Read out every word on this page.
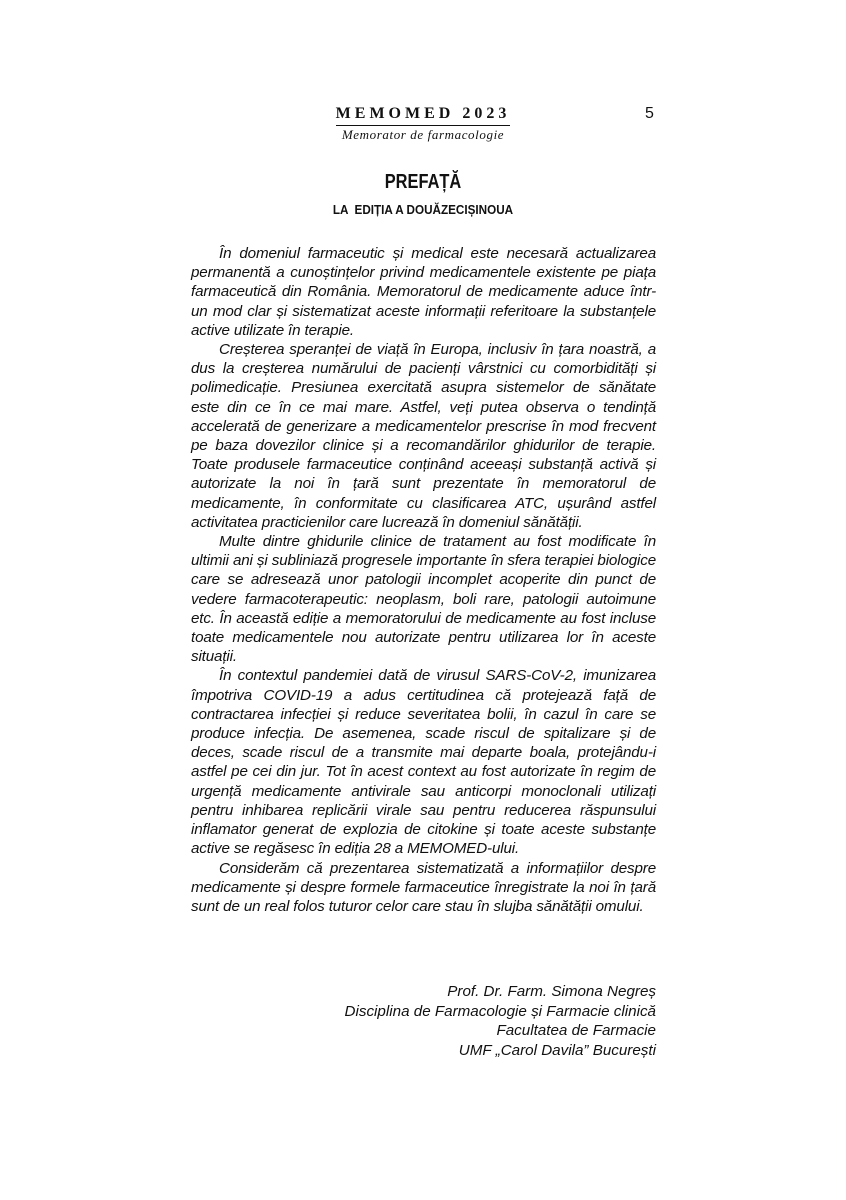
MEMOMED 2023
Memorator de farmacologie
5
PREFAȚĂ
LA  EDIȚIA A DOUĂZECIȘINOUA

În domeniul farmaceutic și medical este necesară actualizarea permanentă a cunoștințelor privind medicamentele existente pe piața farmaceutică din România. Memoratorul de medicamente aduce într-un mod clar și sistematizat aceste informații referitoare la substanțele active utilizate în terapie.

Creșterea speranței de viață în Europa, inclusiv în țara noastră, a dus la creșterea numărului de pacienți vârstnici cu comorbidități și polimedicație. Presiunea exercitată asupra sistemelor de sănătate este din ce în ce mai mare. Astfel, veți putea observa o tendință accelerată de generizare a medicamentelor prescrise în mod frecvent pe baza dovezilor clinice și a recomandărilor ghidurilor de terapie. Toate produsele farmaceutice conținând aceeași substanță activă și autorizate la noi în țară sunt prezentate în memoratorul de medicamente, în conformitate cu clasificarea ATC, ușurând astfel activitatea practicienilor care lucrează în domeniul sănătății.

Multe dintre ghidurile clinice de tratament au fost modificate în ultimii ani și subliniază progresele importante în sfera terapiei biologice care se adresează unor patologii incomplet acoperite din punct de vedere farmacoterapeutic: neoplasm, boli rare, patologii autoimune etc. În această ediție a memoratorului de medicamente au fost incluse toate medicamentele nou autorizate pentru utilizarea lor în aceste situații.

În contextul pandemiei dată de virusul SARS-CoV-2, imunizarea împotriva COVID-19 a adus certitudinea că protejează față de contractarea infecției și reduce severitatea bolii, în cazul în care se produce infecția. De asemenea, scade riscul de spitalizare și de deces, scade riscul de a transmite mai departe boala, protejându-i astfel pe cei din jur. Tot în acest context au fost autorizate în regim de urgență medicamente antivirale sau anticorpi monoclonali utilizați pentru inhibarea replicării virale sau pentru reducerea răspunsului inflamator generat de explozia de citokine și toate aceste substanțe active se regăsesc în ediția 28 a MEMOMED-ului.

Considerăm că prezentarea sistematizată a informațiilor despre medicamente și despre formele farmaceutice înregistrate la noi în țară sunt de un real folos tuturor celor care stau în slujba sănătății omului.

Prof. Dr. Farm. Simona Negreș
Disciplina de Farmacologie și Farmacie clinică
Facultatea de Farmacie
UMF „Carol Davila” București
